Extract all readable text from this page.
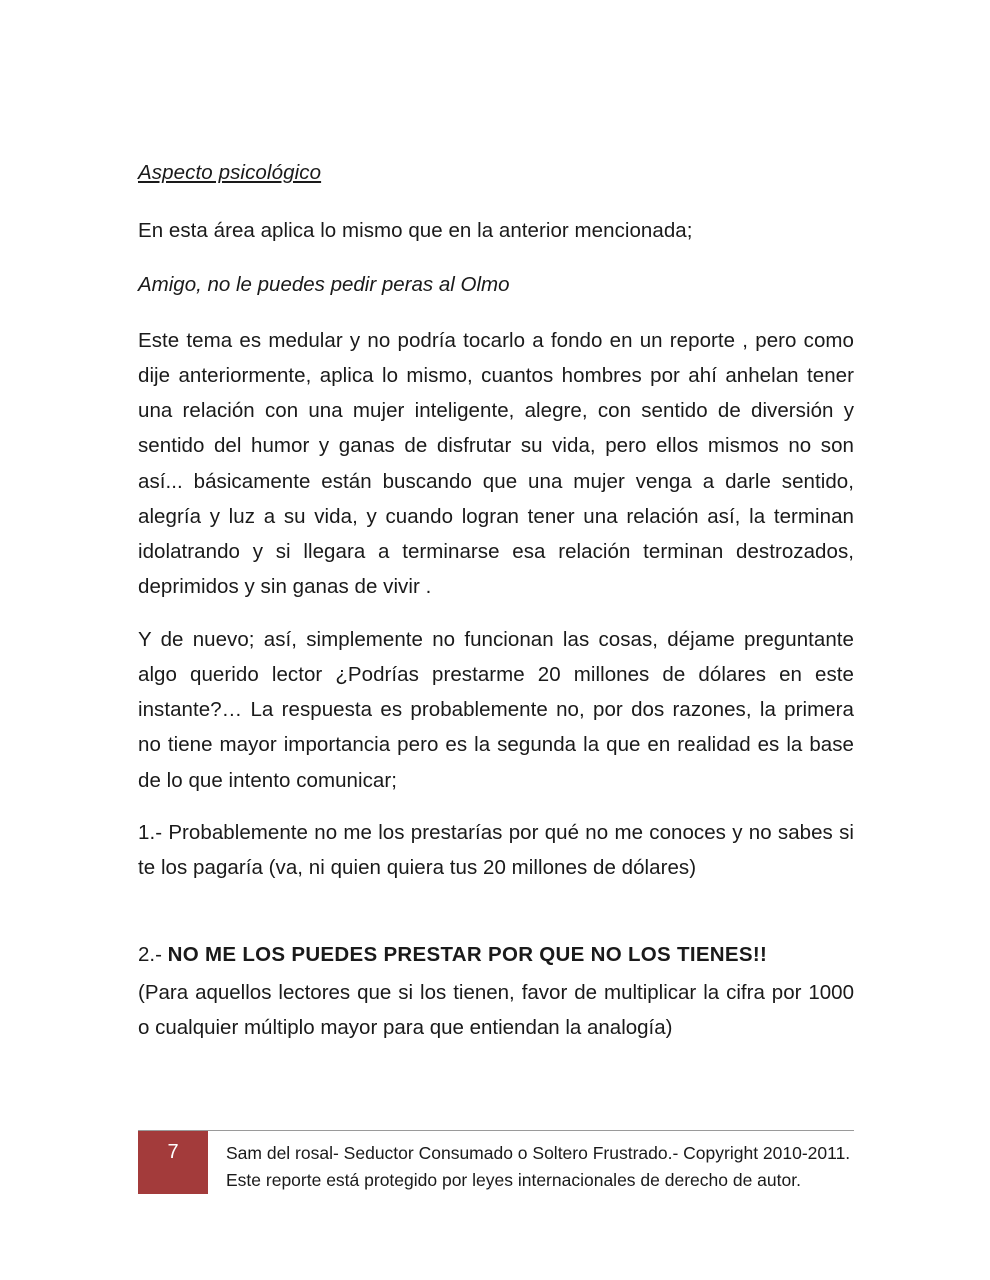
Aspecto psicológico

En esta área aplica lo mismo que en la anterior mencionada;

Amigo, no le puedes pedir peras al Olmo

Este tema es medular y no podría tocarlo a fondo en un reporte , pero como dije anteriormente, aplica lo mismo, cuantos hombres por ahí anhelan tener una relación con una mujer inteligente, alegre, con sentido de diversión y sentido del humor y ganas de disfrutar su vida, pero ellos mismos no son así... básicamente están buscando que una mujer venga a darle sentido, alegría y luz a su vida, y cuando logran tener una relación así, la terminan idolatrando y si llegara a terminarse esa relación terminan destrozados, deprimidos y sin ganas de vivir .

Y de nuevo; así, simplemente no funcionan las cosas, déjame preguntante algo querido lector ¿Podrías prestarme 20 millones de dólares en este instante?… La respuesta es probablemente no, por dos razones, la primera no tiene mayor importancia pero es la segunda la que en realidad es la base de lo que intento comunicar;

1.- Probablemente no me los prestarías por qué no me conoces y no sabes si te los pagaría (va, ni quien quiera tus 20 millones de dólares)

2.- NO ME LOS PUEDES PRESTAR POR QUE NO LOS TIENES!!

(Para aquellos lectores que si los tienen, favor de multiplicar la cifra por 1000 o cualquier múltiplo mayor para que entiendan la analogía)

7	Sam del rosal- Seductor Consumado o Soltero Frustrado.- Copyright 2010-2011.
Este reporte está protegido por leyes internacionales de derecho de autor.
